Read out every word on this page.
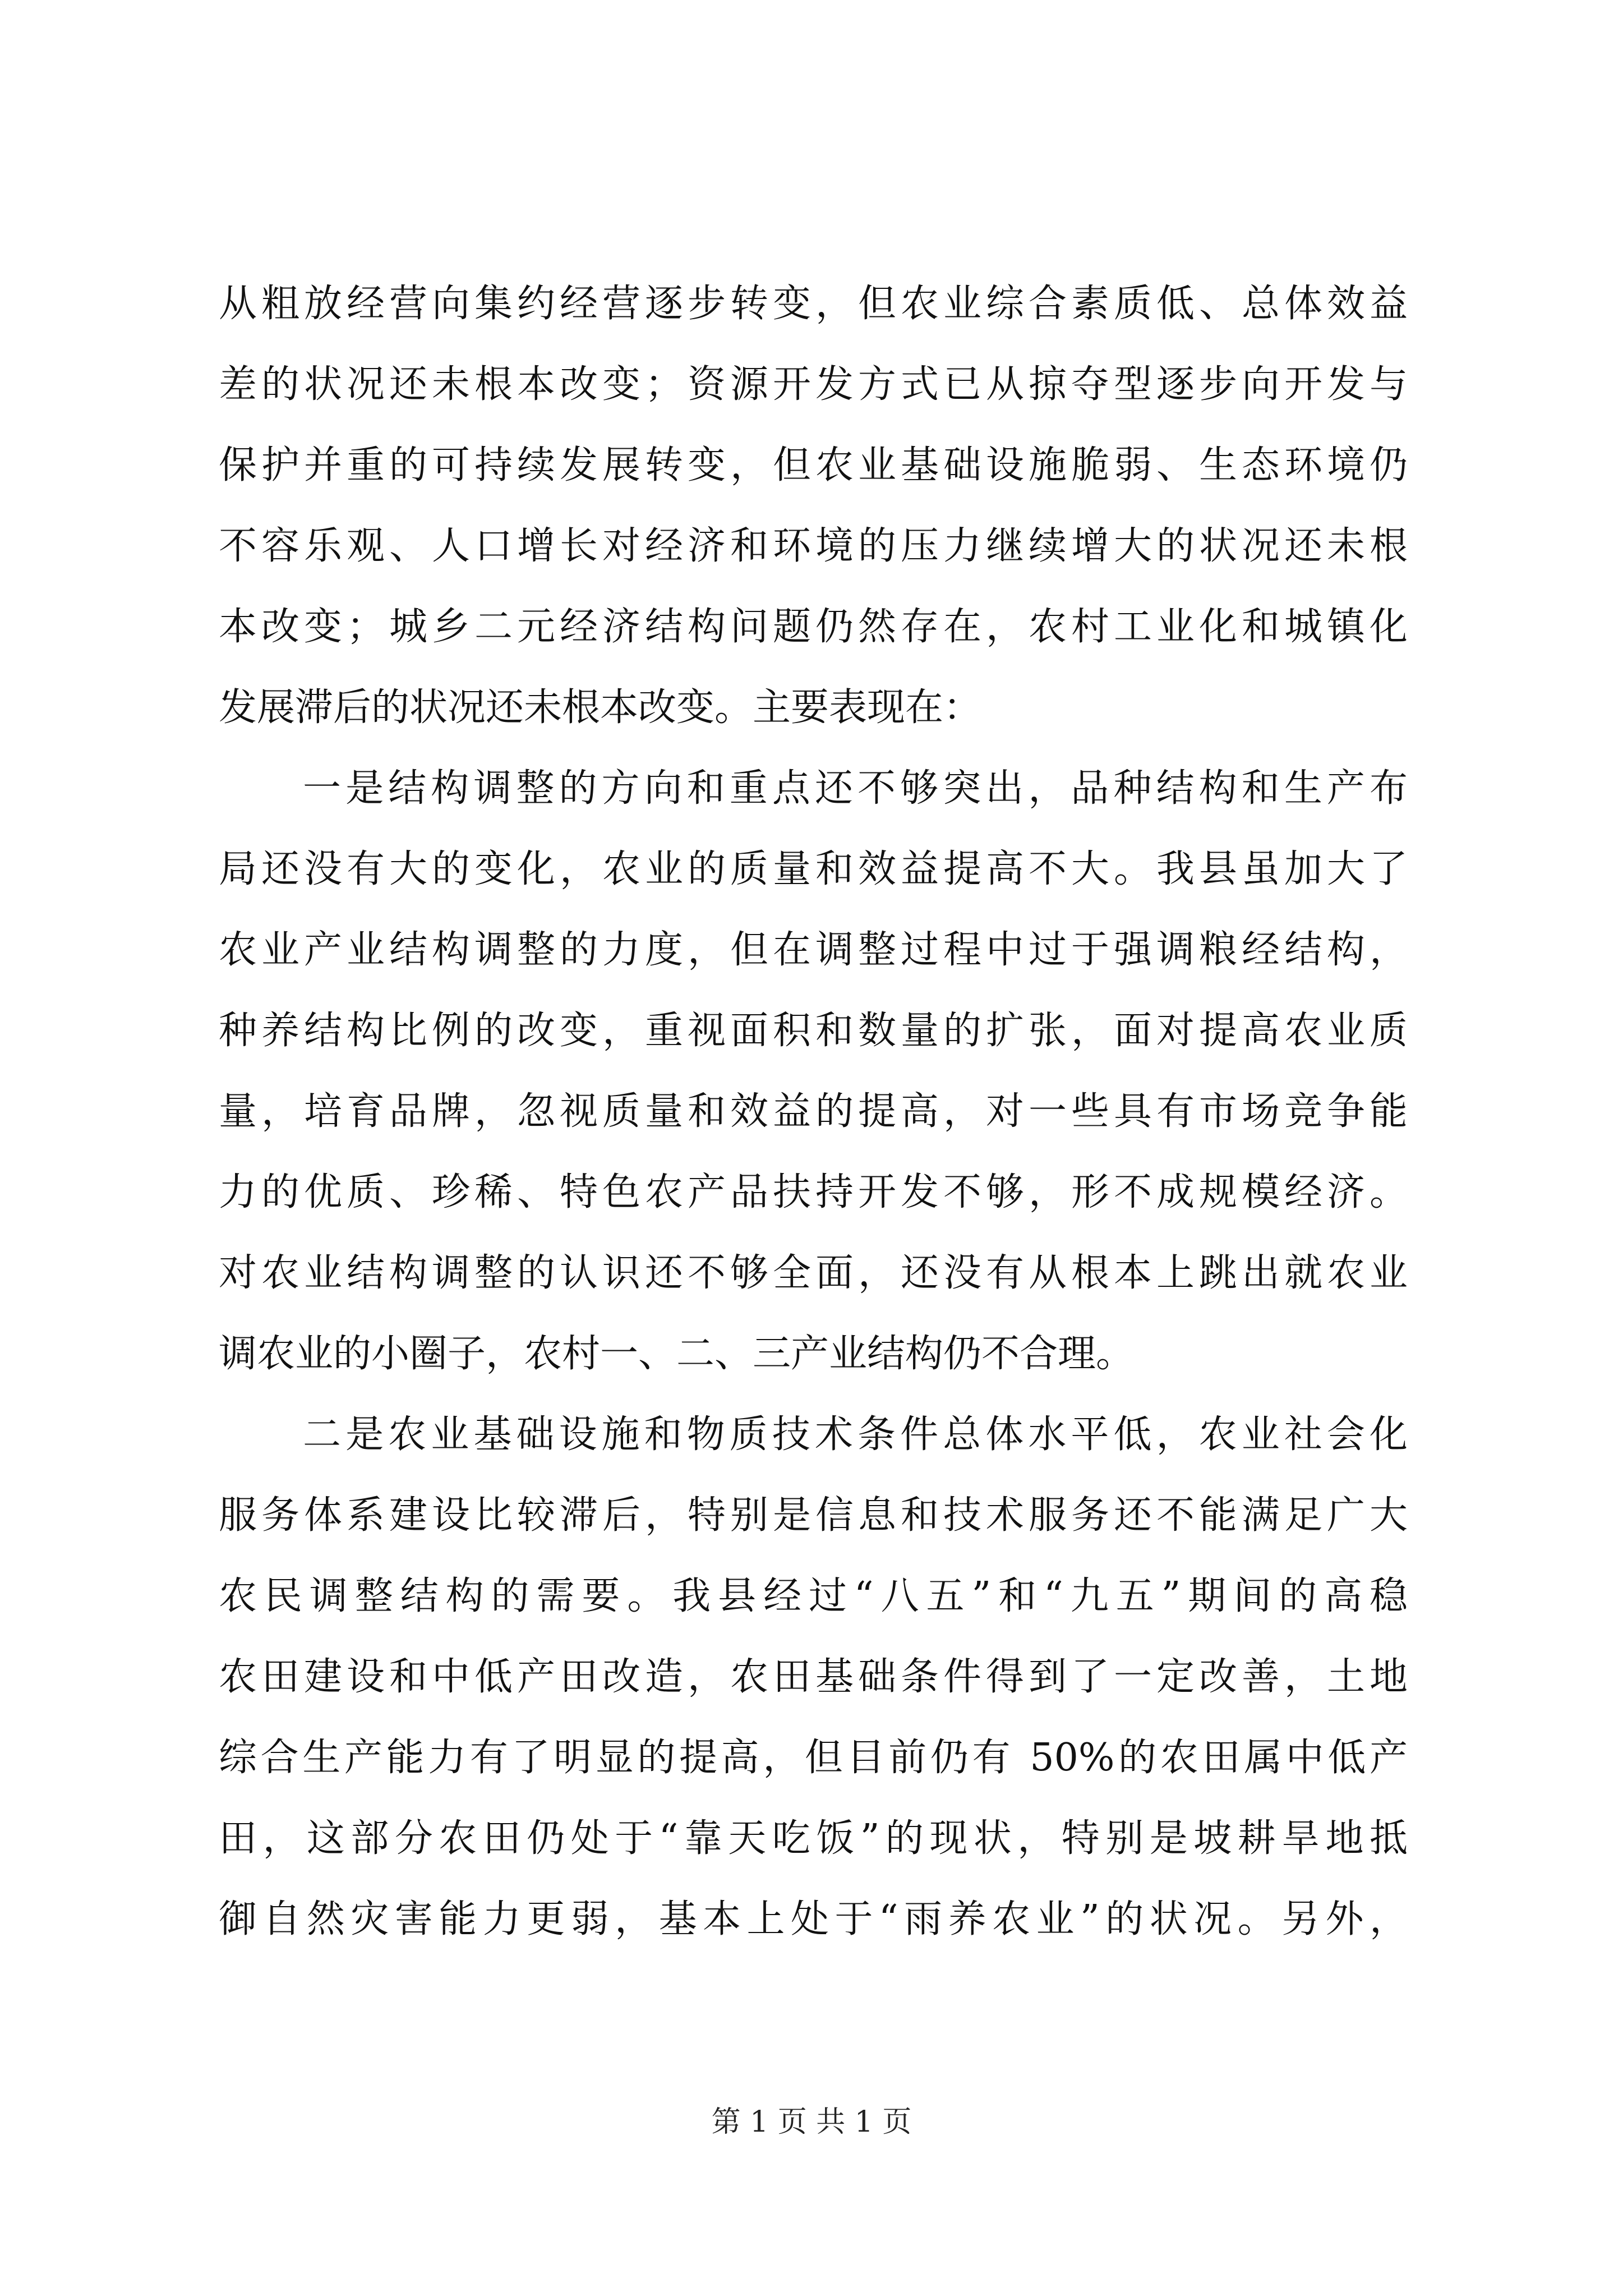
从粗放经营向集约经营逐步转变，但农业综合素质低、总体效益
差的状况还未根本改变；资源开发方式已从掠夺型逐步向开发与
保护并重的可持续发展转变，但农业基础设施脆弱、生态环境仍
不容乐观、人口增长对经济和环境的压力继续增大的状况还未根
本改变；城乡二元经济结构问题仍然存在，农村工业化和城镇化
发展滞后的状况还未根本改变。主要表现在：
一是结构调整的方向和重点还不够突出，品种结构和生产布
局还没有大的变化，农业的质量和效益提高不大。我县虽加大了
农业产业结构调整的力度，但在调整过程中过于强调粮经结构，
种养结构比例的改变，重视面积和数量的扩张，面对提高农业质
量，培育品牌，忽视质量和效益的提高，对一些具有市场竞争能
力的优质、珍稀、特色农产品扶持开发不够，形不成规模经济。
对农业结构调整的认识还不够全面，还没有从根本上跳出就农业
调农业的小圈子，农村一、二、三产业结构仍不合理。
二是农业基础设施和物质技术条件总体水平低，农业社会化
服务体系建设比较滞后，特别是信息和技术服务还不能满足广大
农民调整结构的需要。我县经过“八五”和“九五”期间的高稳
农田建设和中低产田改造，农田基础条件得到了一定改善，土地
综合生产能力有了明显的提高，但目前仍有 50%的农田属中低产
田，这部分农田仍处于“靠天吃饭”的现状，特别是坡耕旱地抵
御自然灾害能力更弱，基本上处于“雨养农业”的状况。另外，
第 1 页 共 1 页
